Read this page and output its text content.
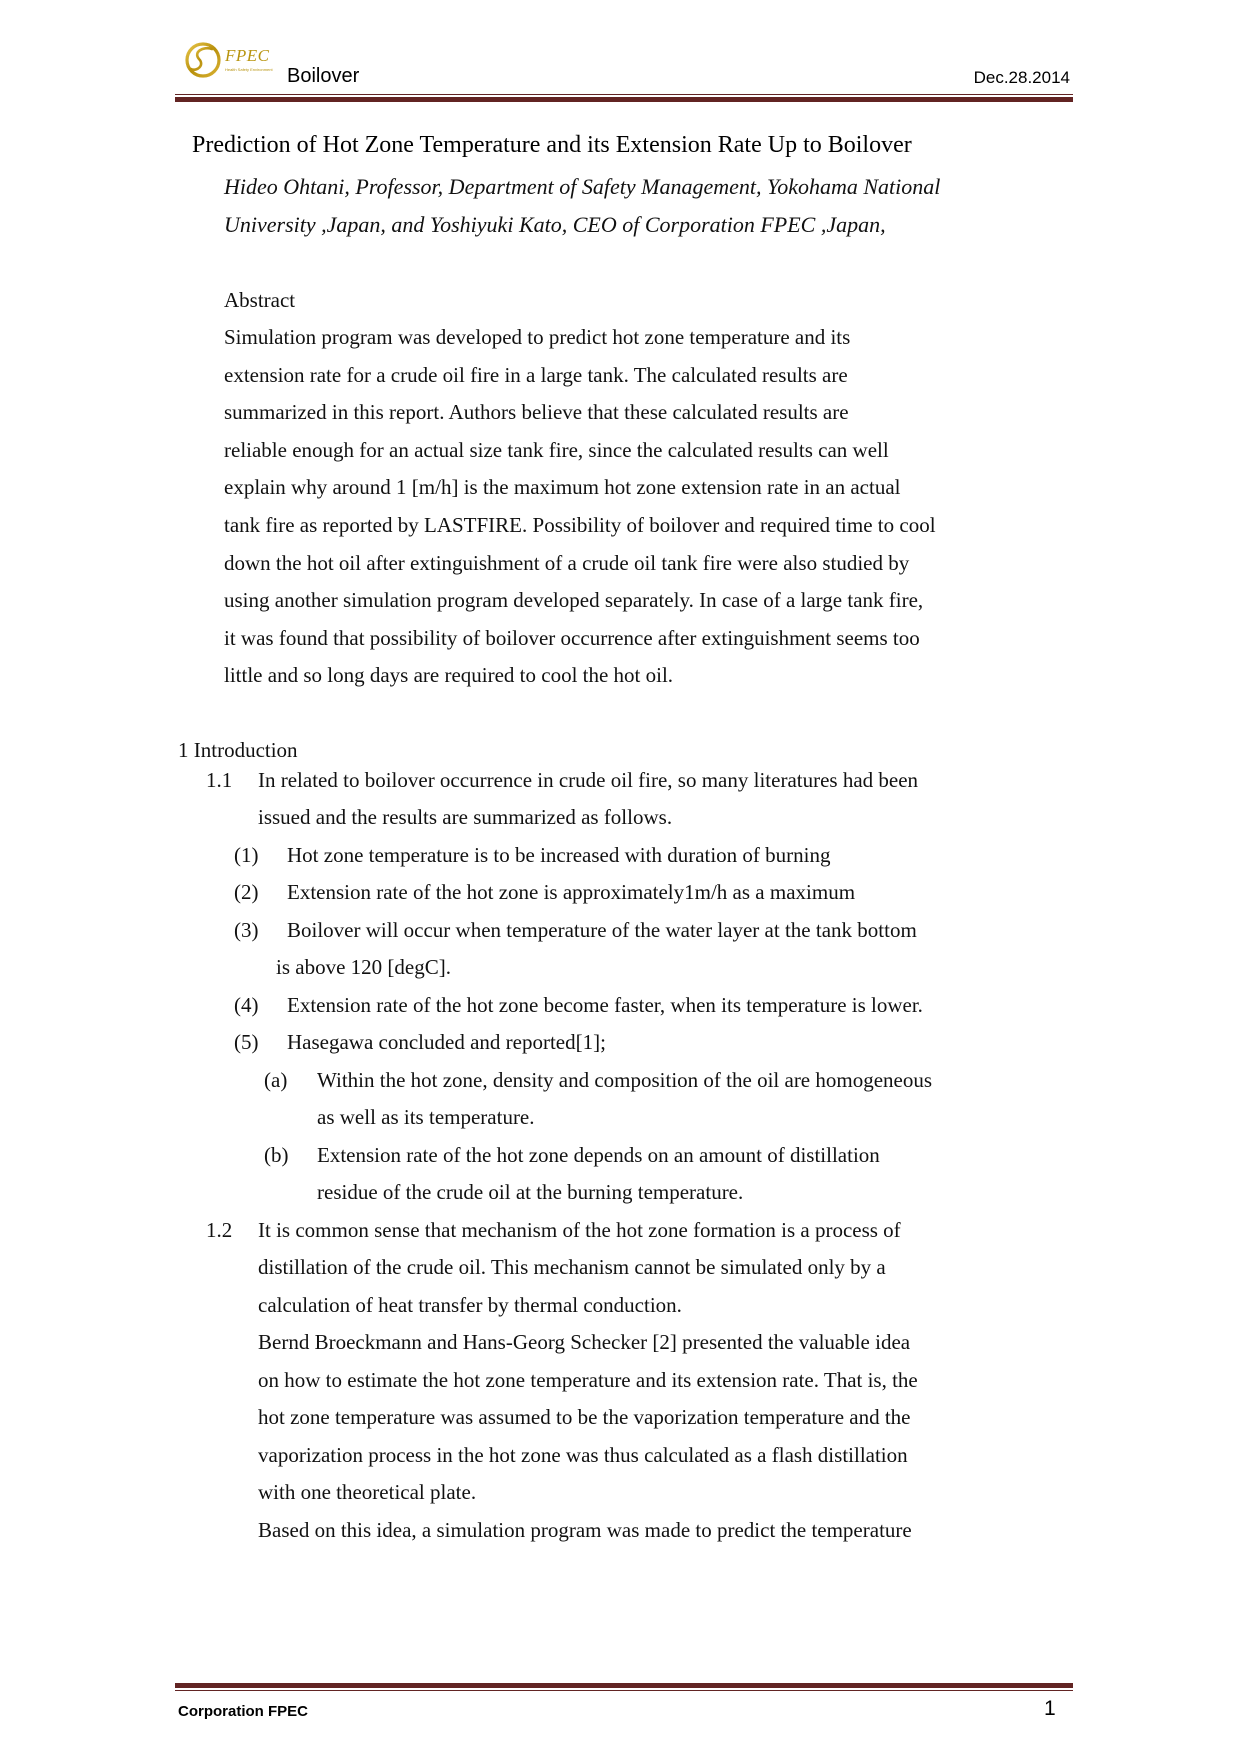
FPEC
Health Safety Environment Boilover	Dec.28.2014
Prediction of Hot Zone Temperature and its Extension Rate Up to Boilover
Hideo Ohtani, Professor, Department of Safety Management, Yokohama National
University ,Japan, and Yoshiyuki Kato, CEO of Corporation FPEC ,Japan,
Abstract
Simulation program was developed to predict hot zone temperature and its
extension rate for a crude oil fire in a large tank. The calculated results are
summarized in this report. Authors believe that these calculated results are
reliable enough for an actual size tank fire, since the calculated results can well
explain why around 1 [m/h] is the maximum hot zone extension rate in an actual
tank fire as reported by LASTFIRE. Possibility of boilover and required time to cool
down the hot oil after extinguishment of a crude oil tank fire were also studied by
using another simulation program developed separately. In case of a large tank fire,
it was found that possibility of boilover occurrence after extinguishment seems too
little and so long days are required to cool the hot oil.
1 Introduction
1.1 In related to boilover occurrence in crude oil fire, so many literatures had been
issued and the results are summarized as follows.
(1) Hot zone temperature is to be increased with duration of burning
(2) Extension rate of the hot zone is approximately1m/h as a maximum
(3) Boilover will occur when temperature of the water layer at the tank bottom
is above 120 [degC].
(4) Extension rate of the hot zone become faster, when its temperature is lower.
(5) Hasegawa concluded and reported[1];
(a) Within the hot zone, density and composition of the oil are homogeneous
as well as its temperature.
(b) Extension rate of the hot zone depends on an amount of distillation
residue of the crude oil at the burning temperature.
1.2 It is common sense that mechanism of the hot zone formation is a process of
distillation of the crude oil. This mechanism cannot be simulated only by a
calculation of heat transfer by thermal conduction.
Bernd Broeckmann and Hans-Georg Schecker [2] presented the valuable idea
on how to estimate the hot zone temperature and its extension rate. That is, the
hot zone temperature was assumed to be the vaporization temperature and the
vaporization process in the hot zone was thus calculated as a flash distillation
with one theoretical plate.
Based on this idea, a simulation program was made to predict the temperature
Corporation FPEC	1
